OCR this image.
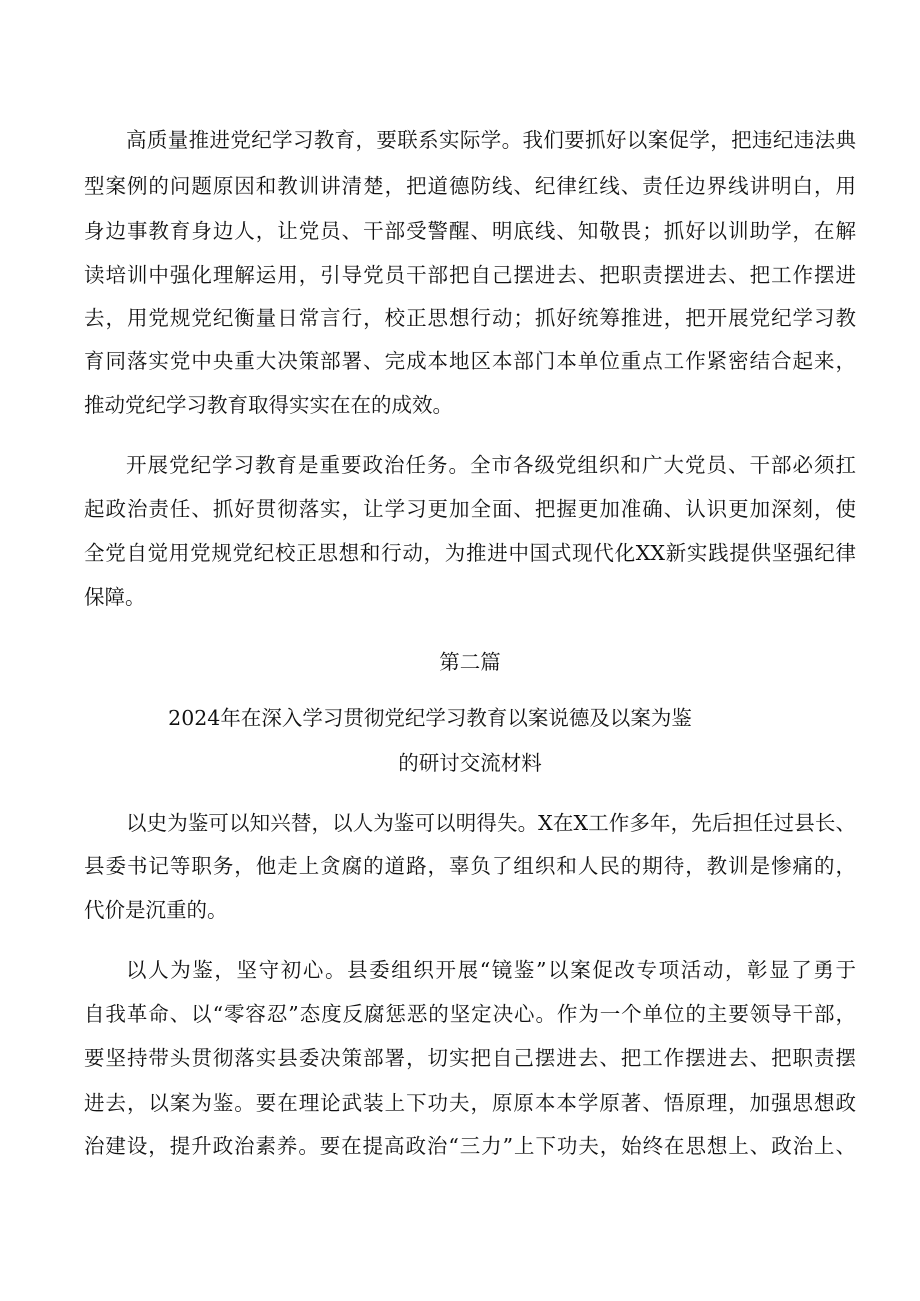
高质量推进党纪学习教育，要联系实际学。我们要抓好以案促学，把违纪违法典

型案例的问题原因和教训讲清楚，把道德防线、纪律红线、责任边界线讲明白，用

身边事教育身边人，让党员、干部受警醒、明底线、知敬畏；抓好以训助学，在解

读培训中强化理解运用，引导党员干部把自己摆进去、把职责摆进去、把工作摆进

去，用党规党纪衡量日常言行，校正思想行动；抓好统筹推进，把开展党纪学习教

育同落实党中央重大决策部署、完成本地区本部门本单位重点工作紧密结合起来，

推动党纪学习教育取得实实在在的成效。

开展党纪学习教育是重要政治任务。全市各级党组织和广大党员、干部必须扛

起政治责任、抓好贯彻落实，让学习更加全面、把握更加准确、认识更加深刻，使

全党自觉用党规党纪校正思想和行动，为推进中国式现代化XX新实践提供坚强纪律

保障。

第二篇

2024年在深入学习贯彻党纪学习教育以案说德及以案为鉴

的研讨交流材料

以史为鉴可以知兴替，以人为鉴可以明得失。X在X工作多年，先后担任过县长、

县委书记等职务，他走上贪腐的道路，辜负了组织和人民的期待，教训是惨痛的，

代价是沉重的。

以人为鉴，坚守初心。县委组织开展“镜鉴”以案促改专项活动，彰显了勇于

自我革命、以“零容忍”态度反腐惩恶的坚定决心。作为一个单位的主要领导干部，

要坚持带头贯彻落实县委决策部署，切实把自己摆进去、把工作摆进去、把职责摆

进去，以案为鉴。要在理论武装上下功夫，原原本本学原著、悟原理，加强思想政

治建设，提升政治素养。要在提高政治“三力”上下功夫，始终在思想上、政治上、
